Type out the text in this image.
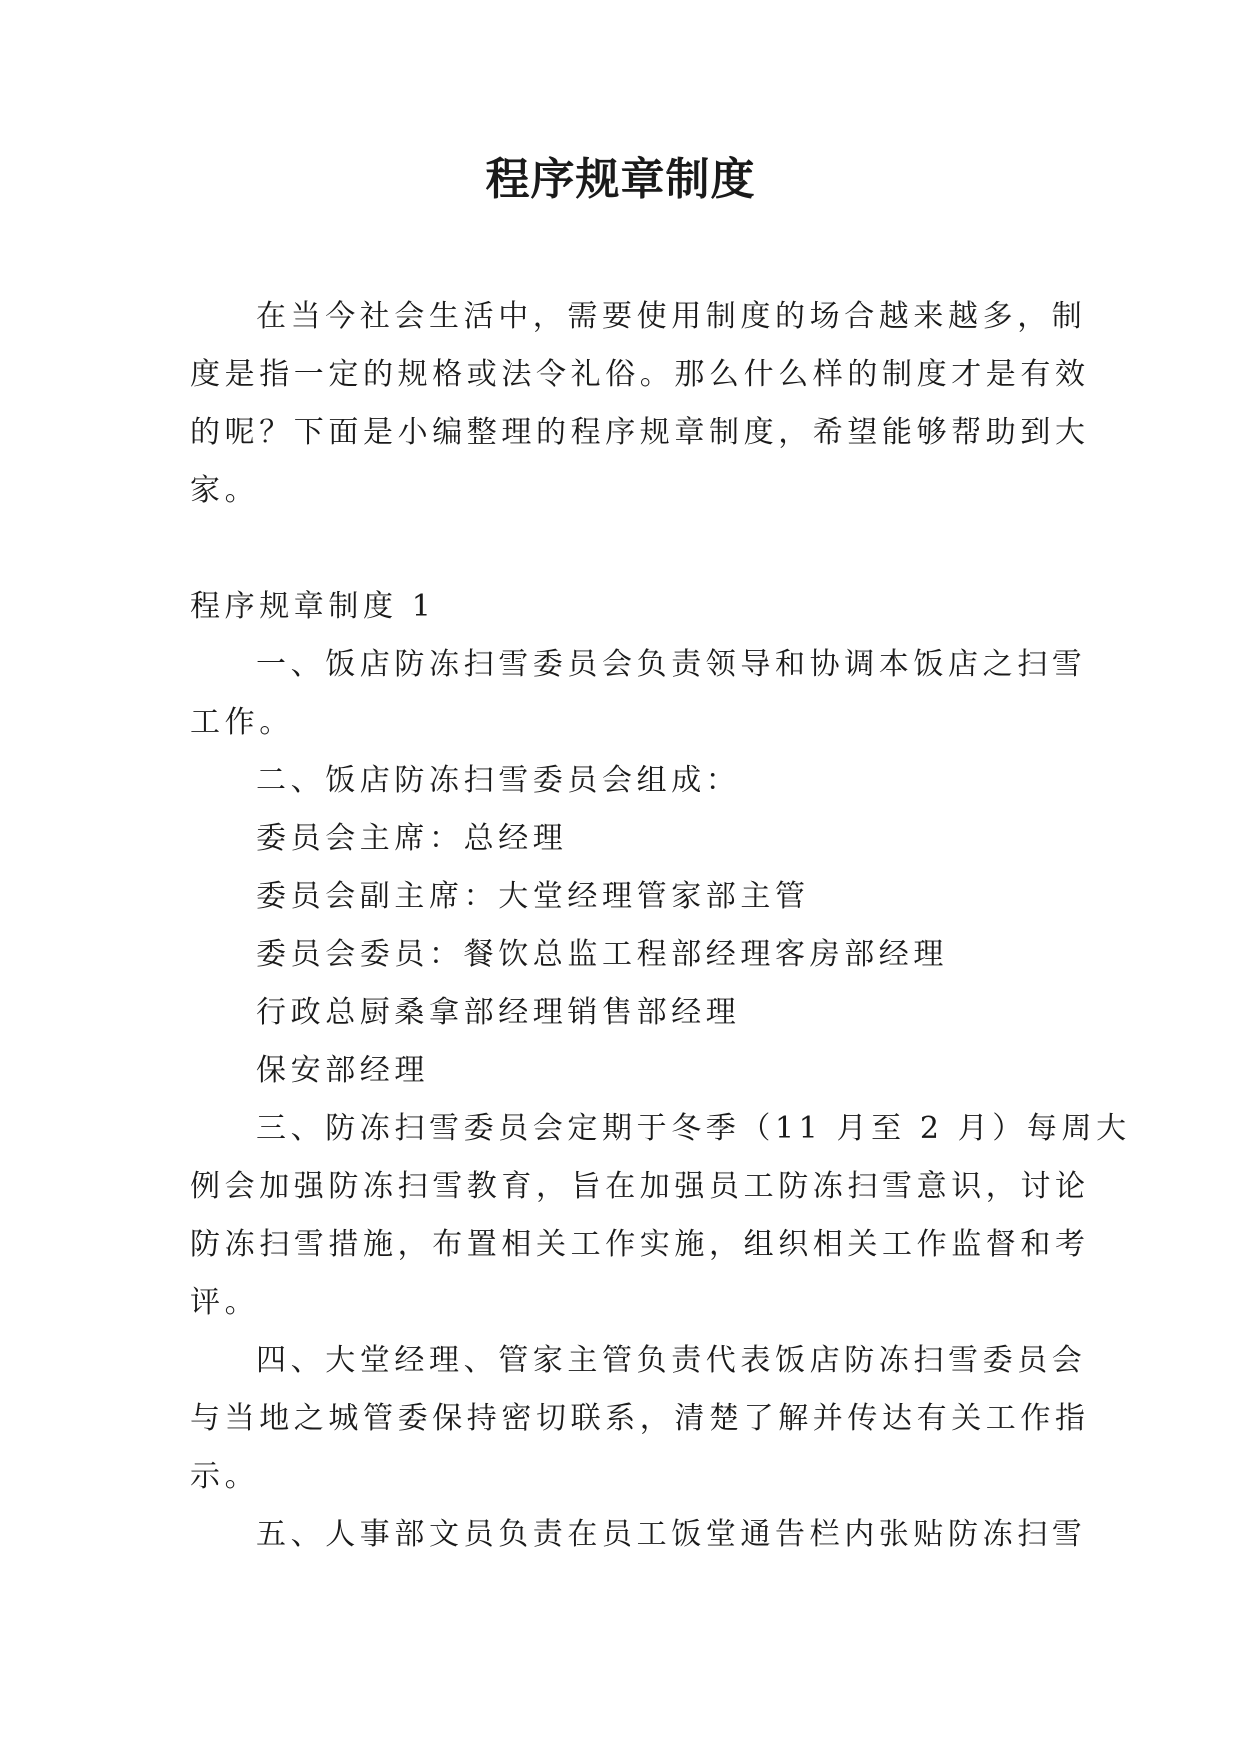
程序规章制度
在当今社会生活中，需要使用制度的场合越来越多，制
度是指一定的规格或法令礼俗。那么什么样的制度才是有效
的呢？下面是小编整理的程序规章制度，希望能够帮助到大
家。
程序规章制度 1
一、饭店防冻扫雪委员会负责领导和协调本饭店之扫雪
工作。
二、饭店防冻扫雪委员会组成：
委员会主席：总经理
委员会副主席：大堂经理管家部主管
委员会委员：餐饮总监工程部经理客房部经理
行政总厨桑拿部经理销售部经理
保安部经理
三、防冻扫雪委员会定期于冬季（11 月至 2 月）每周大
例会加强防冻扫雪教育，旨在加强员工防冻扫雪意识，讨论
防冻扫雪措施，布置相关工作实施，组织相关工作监督和考
评。
四、大堂经理、管家主管负责代表饭店防冻扫雪委员会
与当地之城管委保持密切联系，清楚了解并传达有关工作指
示。
五、人事部文员负责在员工饭堂通告栏内张贴防冻扫雪
